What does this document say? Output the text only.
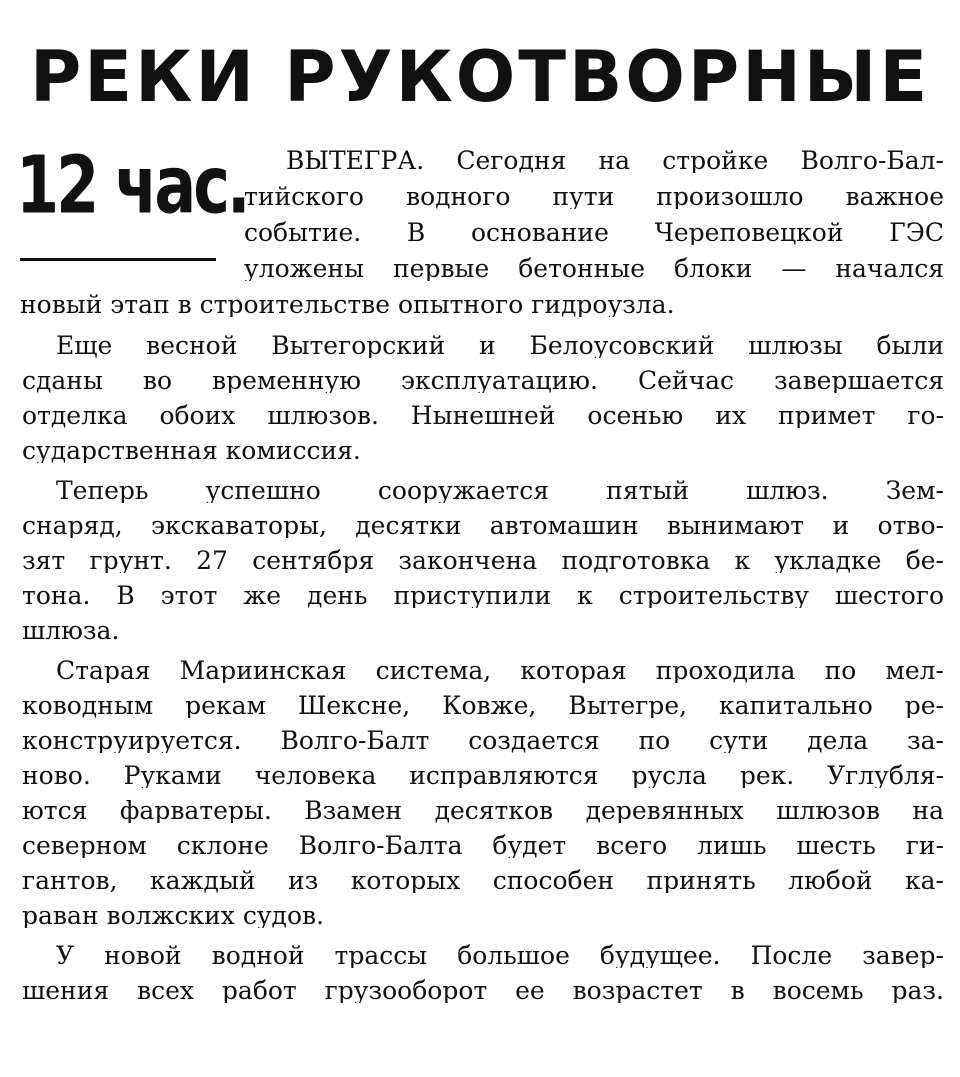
РЕКИ РУКОТВОРНЫЕ
12 час. ВЫТЕГРА. Сегодня на стройке Волго-Бал-
тийского водного пути произошло важное
событие. В основание Череповецкой ГЭС
уложены первые бетонные блоки — начался
новый этап в строительстве опытного гидроузла.
Еще весной Вытегорский и Белоусовский шлюзы были
сданы во временную эксплуатацию. Сейчас завершается
отделка обоих шлюзов. Нынешней осенью их примет го-
сударственная комиссия.
Теперь успешно сооружается пятый шлюз. Зем-
снаряд, экскаваторы, десятки автомашин вынимают и отво-
зят грунт. 27 сентября закончена подготовка к укладке бе-
тона. В этот же день приступили к строительству шестого
шлюза.
Старая Мариинская система, которая проходила по мел-
ководным рекам Шексне, Ковже, Вытегре, капитально ре-
конструируется. Волго-Балт создается по сути дела за-
ново. Руками человека исправляются русла рек. Углубля-
ются фарватеры. Взамен десятков деревянных шлюзов на
северном склоне Волго-Балта будет всего лишь шесть ги-
гантов, каждый из которых способен принять любой ка-
раван волжских судов.
У новой водной трассы большое будущее. После завер-
шения всех работ грузооборот ее возрастет в восемь раз.
